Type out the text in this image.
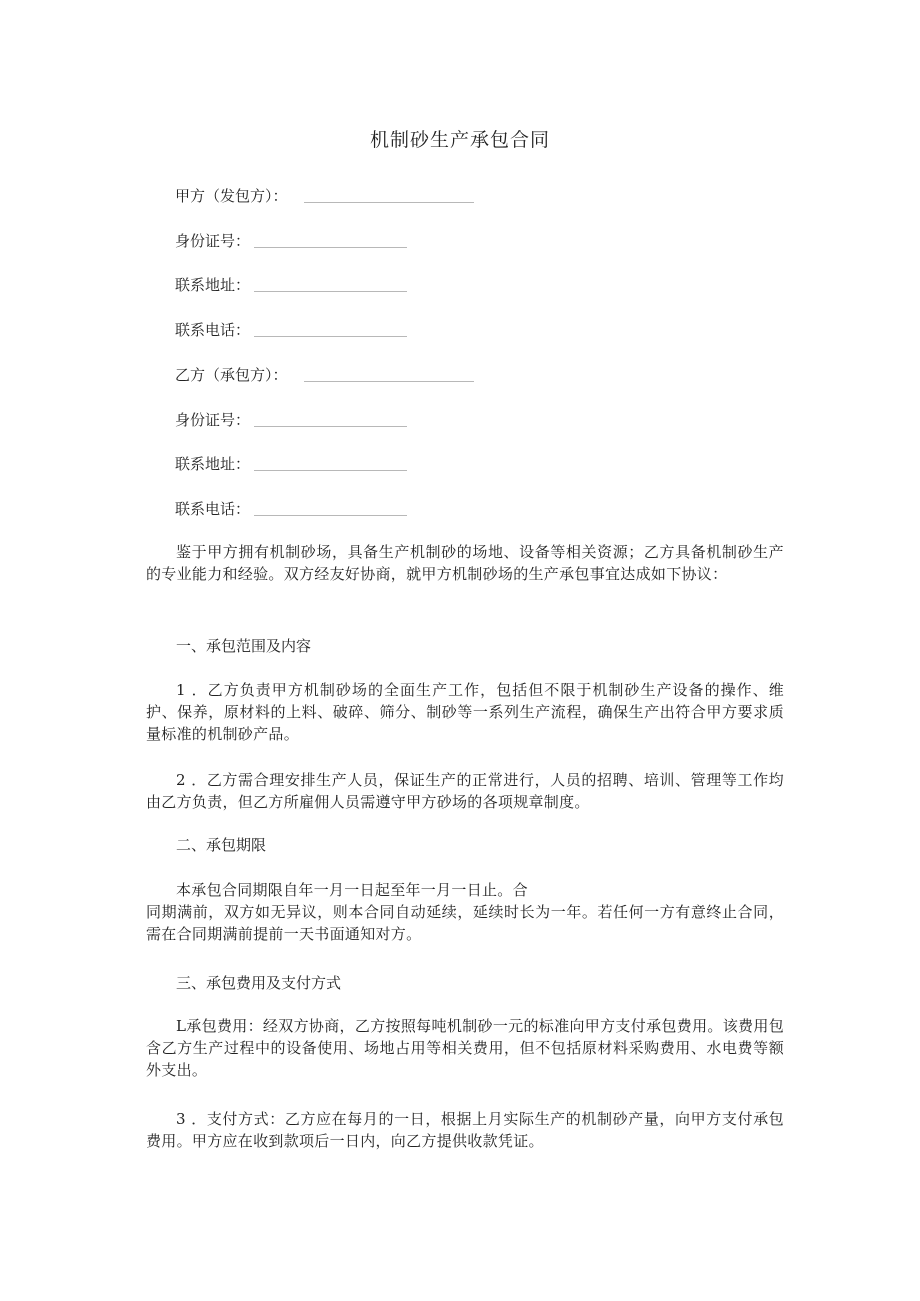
机制砂生产承包合同
甲方（发包方）：
身份证号：
联系地址：
联系电话：
乙方（承包方）：
身份证号：
联系地址：
联系电话：
鉴于甲方拥有机制砂场，具备生产机制砂的场地、设备等相关资源；乙方具备机制砂生产的专业能力和经验。双方经友好协商，就甲方机制砂场的生产承包事宜达成如下协议：
一、承包范围及内容
1 ．乙方负责甲方机制砂场的全面生产工作，包括但不限于机制砂生产设备的操作、维护、保养，原材料的上料、破碎、筛分、制砂等一系列生产流程，确保生产出符合甲方要求质量标准的机制砂产品。
2 ．乙方需合理安排生产人员，保证生产的正常进行，人员的招聘、培训、管理等工作均由乙方负责，但乙方所雇佣人员需遵守甲方砂场的各项规章制度。
二、承包期限
本承包合同期限自年一月一日起至年一月一日止。合
同期满前，双方如无异议，则本合同自动延续，延续时长为一年。若任何一方有意终止合同，需在合同期满前提前一天书面通知对方。
三、承包费用及支付方式
L承包费用：经双方协商，乙方按照每吨机制砂一元的标准向甲方支付承包费用。该费用包含乙方生产过程中的设备使用、场地占用等相关费用，但不包括原材料采购费用、水电费等额外支出。
3 ．支付方式：乙方应在每月的一日，根据上月实际生产的机制砂产量，向甲方支付承包费用。甲方应在收到款项后一日内，向乙方提供收款凭证。
